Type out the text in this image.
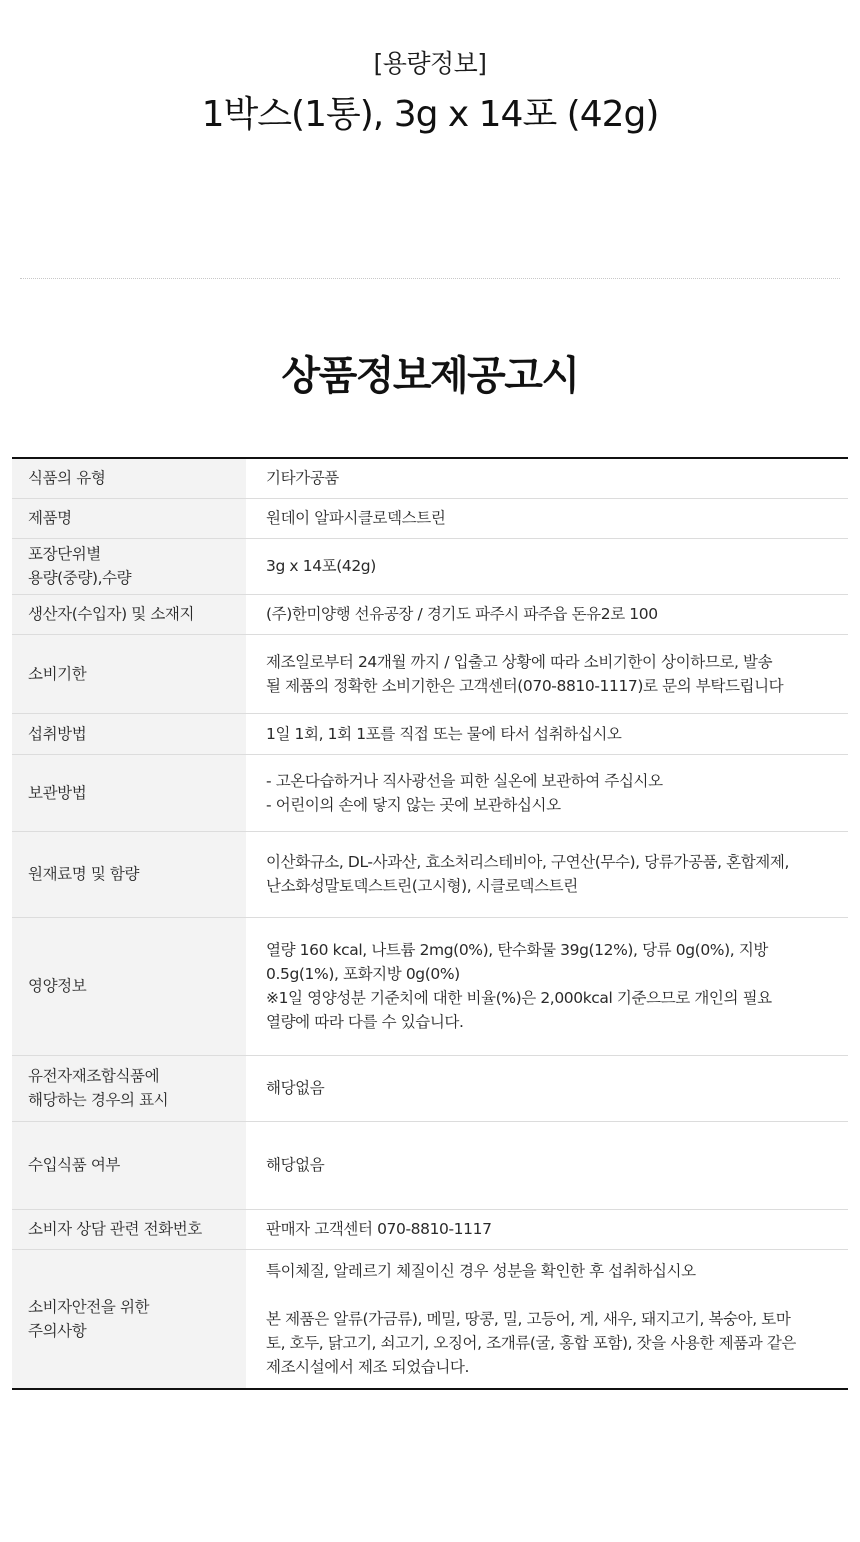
[용량정보]
1박스(1통), 3g x 14포 (42g)
상품정보제공고시
식품의 유형	기타가공품

제품명	원데이 알파시클로덱스트린

포장단위별
용량(중량),수량	3g x 14포(42g)

생산자(수입자) 및 소재지	(주)한미양행 선유공장 / 경기도 파주시 파주읍 돈유2로 100

소비기한	제조일로부터 24개월 까지 / 입출고 상황에 따라 소비기한이 상이하므로, 발송
될 제품의 정확한 소비기한은 고객센터(070-8810-1117)로 문의 부탁드립니다

섭취방법	1일 1회, 1회 1포를 직접 또는 물에 타서 섭취하십시오

보관방법	- 고온다습하거나 직사광선을 피한 실온에 보관하여 주십시오
- 어린이의 손에 닿지 않는 곳에 보관하십시오

원재료명 및 함량	이산화규소, DL-사과산, 효소처리스테비아, 구연산(무수), 당류가공품, 혼합제제,
난소화성말토덱스트린(고시형), 시클로덱스트린

영양정보	열량 160 kcal, 나트륨 2mg(0%), 탄수화물 39g(12%), 당류 0g(0%), 지방
0.5g(1%), 포화지방 0g(0%)
※1일 영양성분 기준치에 대한 비율(%)은 2,000kcal 기준으므로 개인의 필요
열량에 따라 다를 수 있습니다.

유전자재조합식품에
해당하는 경우의 표시	해당없음

수입식품 여부	해당없음

소비자 상담 관련 전화번호	판매자 고객센터 070-8810-1117

소비자안전을 위한
주의사항	특이체질, 알레르기 체질이신 경우 성분을 확인한 후 섭취하십시오
본 제품은 알류(가금류), 메밀, 땅콩, 밀, 고등어, 게, 새우, 돼지고기, 복숭아, 토마
토, 호두, 닭고기, 쇠고기, 오징어, 조개류(굴, 홍합 포함), 잣을 사용한 제품과 같은
제조시설에서 제조 되었습니다.
